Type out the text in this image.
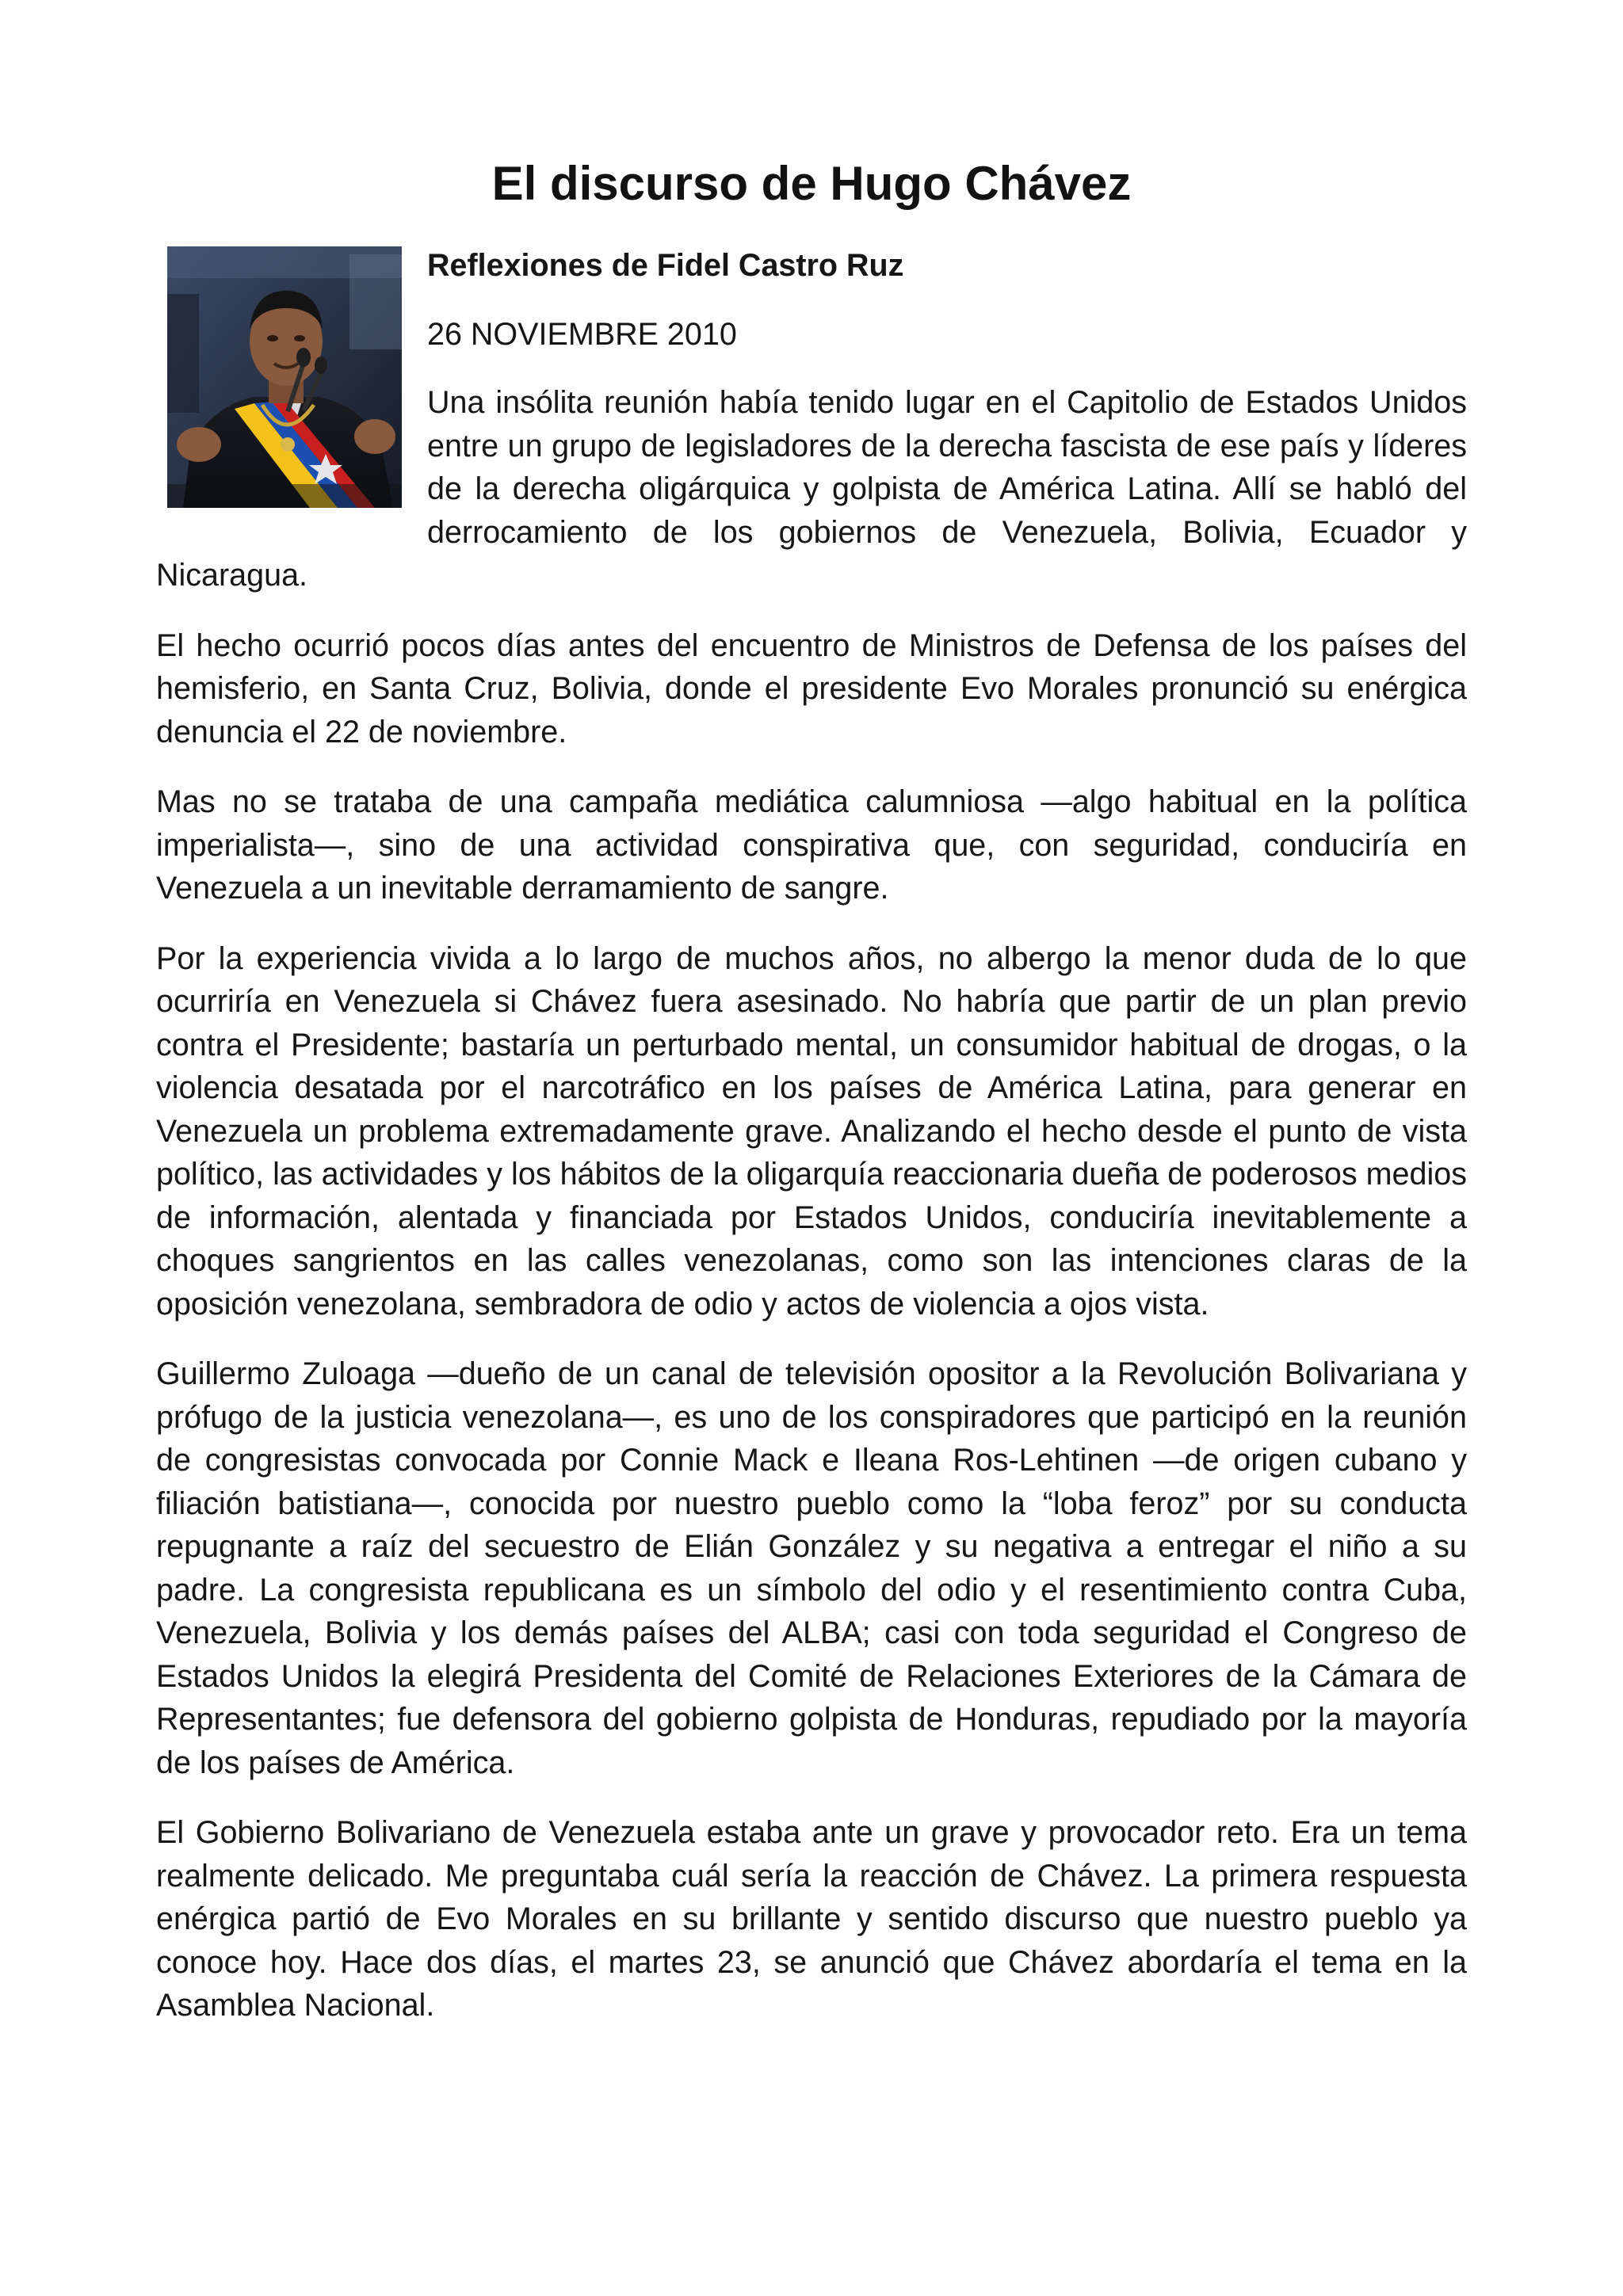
El discurso de Hugo Chávez

Reflexiones de Fidel Castro Ruz

26 NOVIEMBRE 2010

Una insólita reunión había tenido lugar en el Capitolio de Estados Unidos entre un grupo de legisladores de la derecha fascista de ese país y líderes de la derecha oligárquica y golpista de América Latina. Allí se habló del derrocamiento de los gobiernos de Venezuela, Bolivia, Ecuador y Nicaragua.

El hecho ocurrió pocos días antes del encuentro de Ministros de Defensa de los países del hemisferio, en Santa Cruz, Bolivia, donde el presidente Evo Morales pronunció su enérgica denuncia el 22 de noviembre.

Mas no se trataba de una campaña mediática calumniosa —algo habitual en la política imperialista—, sino de una actividad conspirativa que, con seguridad, conduciría en Venezuela a un inevitable derramamiento de sangre.

Por la experiencia vivida a lo largo de muchos años, no albergo la menor duda de lo que ocurriría en Venezuela si Chávez fuera asesinado. No habría que partir de un plan previo contra el Presidente; bastaría un perturbado mental, un consumidor habitual de drogas, o la violencia desatada por el narcotráfico en los países de América Latina, para generar en Venezuela un problema extremadamente grave. Analizando el hecho desde el punto de vista político, las actividades y los hábitos de la oligarquía reaccionaria dueña de poderosos medios de información, alentada y financiada por Estados Unidos, conduciría inevitablemente a choques sangrientos en las calles venezolanas, como son las intenciones claras de la oposición venezolana, sembradora de odio y actos de violencia a ojos vista.

Guillermo Zuloaga —dueño de un canal de televisión opositor a la Revolución Bolivariana y prófugo de la justicia venezolana—, es uno de los conspiradores que participó en la reunión de congresistas convocada por Connie Mack e Ileana Ros-Lehtinen —de origen cubano y filiación batistiana—, conocida por nuestro pueblo como la “loba feroz” por su conducta repugnante a raíz del secuestro de Elián González y su negativa a entregar el niño a su padre. La congresista republicana es un símbolo del odio y el resentimiento contra Cuba, Venezuela, Bolivia y los demás países del ALBA; casi con toda seguridad el Congreso de Estados Unidos la elegirá Presidenta del Comité de Relaciones Exteriores de la Cámara de Representantes; fue defensora del gobierno golpista de Honduras, repudiado por la mayoría de los países de América.

El Gobierno Bolivariano de Venezuela estaba ante un grave y provocador reto. Era un tema realmente delicado. Me preguntaba cuál sería la reacción de Chávez. La primera respuesta enérgica partió de Evo Morales en su brillante y sentido discurso que nuestro pueblo ya conoce hoy. Hace dos días, el martes 23, se anunció que Chávez abordaría el tema en la Asamblea Nacional.
